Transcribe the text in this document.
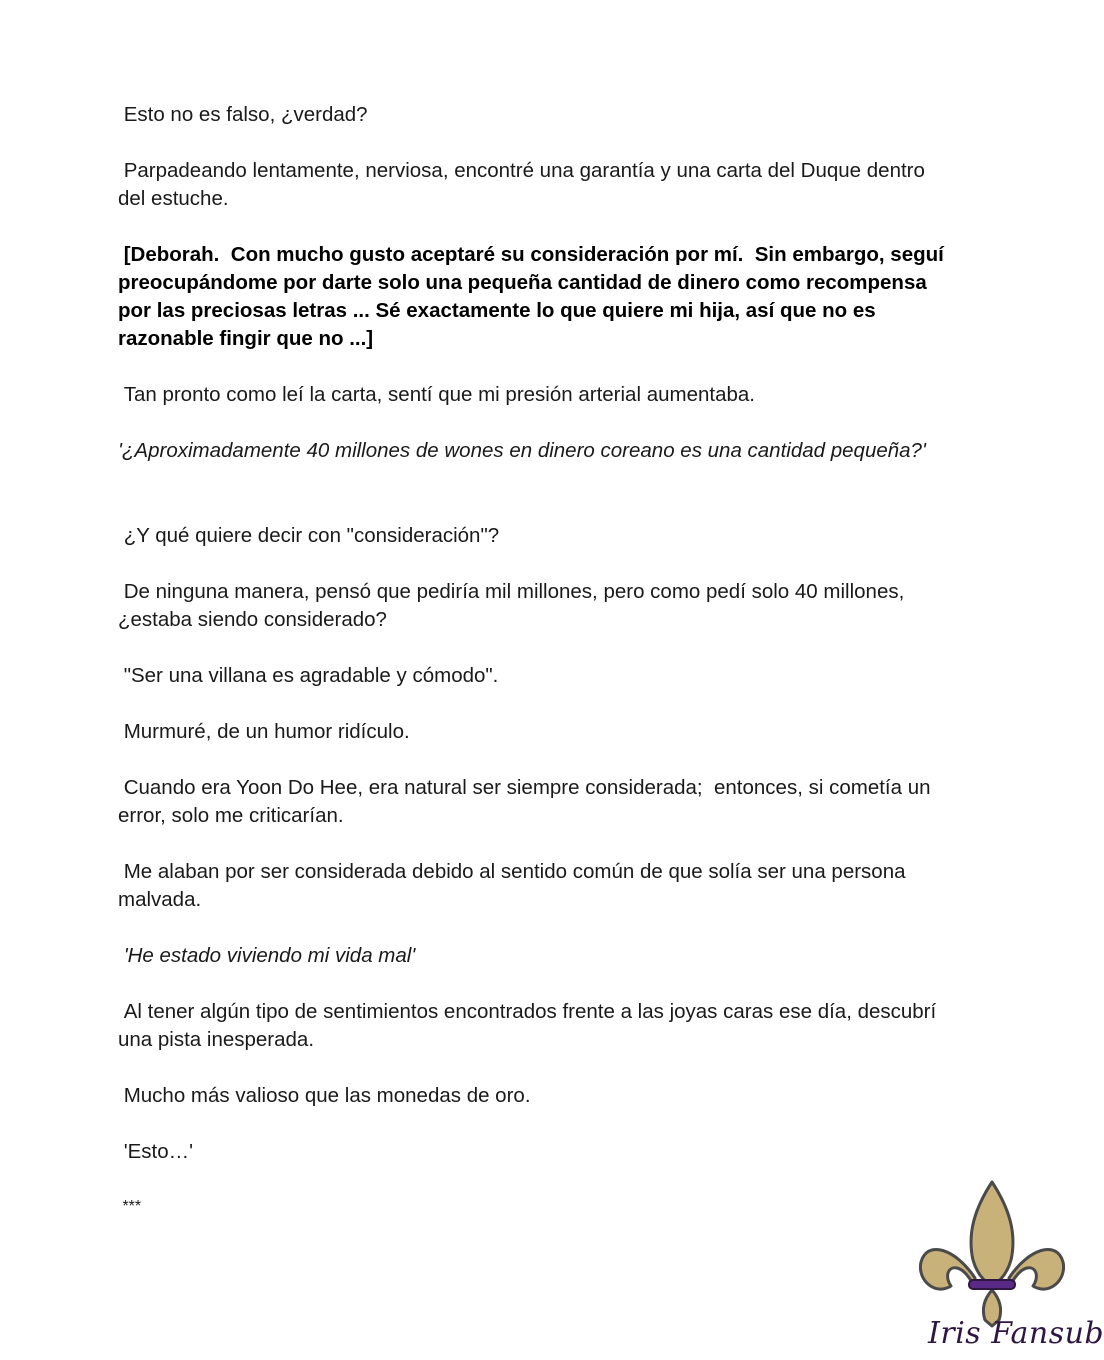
Esto no es falso, ¿verdad?

Parpadeando lentamente, nerviosa, encontré una garantía y una carta del Duque dentro del estuche.

[Deborah.  Con mucho gusto aceptaré su consideración por mí.  Sin embargo, seguí preocupándome por darte solo una pequeña cantidad de dinero como recompensa por las preciosas letras ... Sé exactamente lo que quiere mi hija, así que no es razonable fingir que no ...]

Tan pronto como leí la carta, sentí que mi presión arterial aumentaba.

'¿Aproximadamente 40 millones de wones en dinero coreano es una cantidad pequeña?'

¿Y qué quiere decir con "consideración"?

De ninguna manera, pensó que pediría mil millones, pero como pedí solo 40 millones, ¿estaba siendo considerado?

"Ser una villana es agradable y cómodo".

Murmuré, de un humor ridículo.

Cuando era Yoon Do Hee, era natural ser siempre considerada;  entonces, si cometía un error, solo me criticarían.

Me alaban por ser considerada debido al sentido común de que solía ser una persona malvada.

'He estado viviendo mi vida mal'

Al tener algún tipo de sentimientos encontrados frente a las joyas caras ese día, descubrí una pista inesperada.

Mucho más valioso que las monedas de oro.

'Esto…'

***

Iris Fansub
